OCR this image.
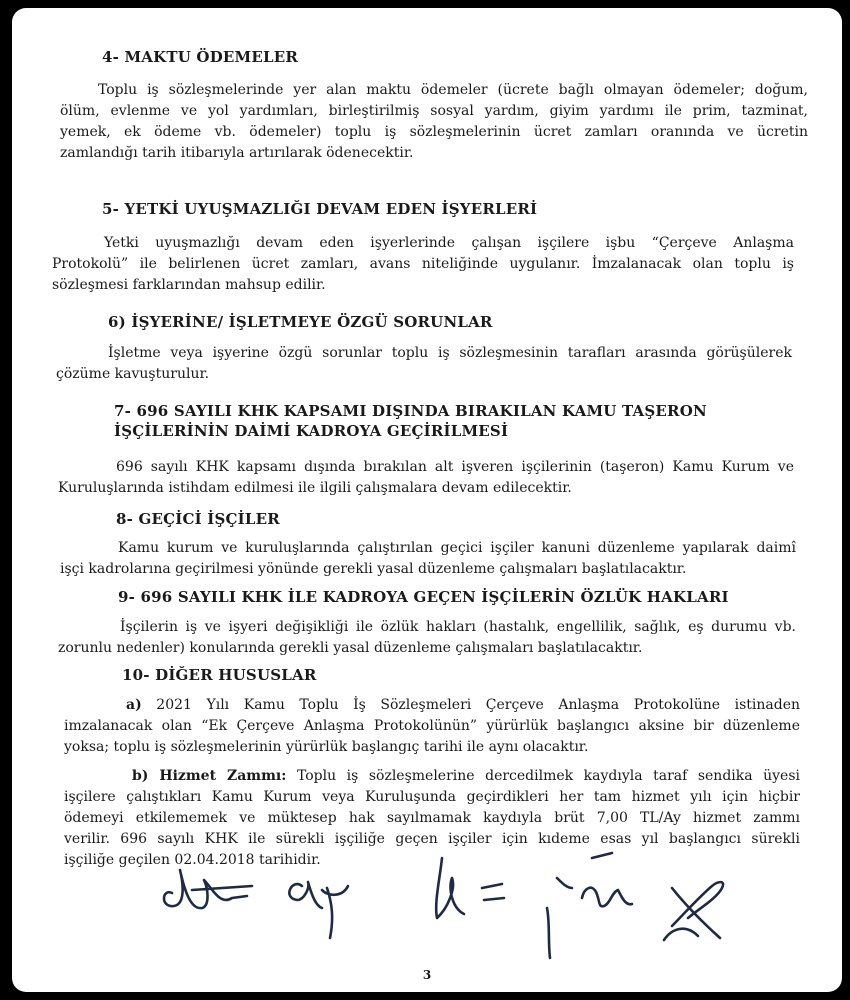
4- MAKTU ÖDEMELER

Toplu iş sözleşmelerinde yer alan maktu ödemeler (ücrete bağlı olmayan ödemeler; doğum,
ölüm, evlenme ve yol yardımları, birleştirilmiş sosyal yardım, giyim yardımı ile prim, tazminat,
yemek, ek ödeme vb. ödemeler) toplu iş sözleşmelerinin ücret zamları oranında ve ücretin
zamlandığı tarih itibarıyla artırılarak ödenecektir.

5- YETKİ UYUŞMAZLIĞI DEVAM EDEN İŞYERLERİ

Yetki uyuşmazlığı devam eden işyerlerinde çalışan işçilere işbu “Çerçeve Anlaşma
Protokolü” ile belirlenen ücret zamları, avans niteliğinde uygulanır. İmzalanacak olan toplu iş
sözleşmesi farklarından mahsup edilir.

6) İŞYERİNE/ İŞLETMEYE ÖZGÜ SORUNLAR

İşletme veya işyerine özgü sorunlar toplu iş sözleşmesinin tarafları arasında görüşülerek
çözüme kavuşturulur.

7- 696 SAYILI KHK KAPSAMI DIŞINDA BIRAKILAN KAMU TAŞERON
İŞÇİLERİNİN DAİMİ KADROYA GEÇİRİLMESİ

696 sayılı KHK kapsamı dışında bırakılan alt işveren işçilerinin (taşeron) Kamu Kurum ve
Kuruluşlarında istihdam edilmesi ile ilgili çalışmalara devam edilecektir.

8- GEÇİCİ İŞÇİLER

Kamu kurum ve kuruluşlarında çalıştırılan geçici işçiler kanuni düzenleme yapılarak daimî
işçi kadrolarına geçirilmesi yönünde gerekli yasal düzenleme çalışmaları başlatılacaktır.

9- 696 SAYILI KHK İLE KADROYA GEÇEN İŞÇİLERİN ÖZLÜK HAKLARI

İşçilerin iş ve işyeri değişikliği ile özlük hakları (hastalık, engellilik, sağlık, eş durumu vb.
zorunlu nedenler) konularında gerekli yasal düzenleme çalışmaları başlatılacaktır.

10- DİĞER HUSUSLAR

a) 2021 Yılı Kamu Toplu İş Sözleşmeleri Çerçeve Anlaşma Protokolüne istinaden
imzalanacak olan “Ek Çerçeve Anlaşma Protokolünün” yürürlük başlangıcı aksine bir düzenleme
yoksa; toplu iş sözleşmelerinin yürürlük başlangıç tarihi ile aynı olacaktır.

b) Hizmet Zammı: Toplu iş sözleşmelerine dercedilmek kaydıyla taraf sendika üyesi
işçilere çalıştıkları Kamu Kurum veya Kuruluşunda geçirdikleri her tam hizmet yılı için hiçbir
ödemeyi etkilememek ve müktesep hak sayılmamak kaydıyla brüt 7,00 TL/Ay hizmet zammı
verilir. 696 sayılı KHK ile sürekli işçiliğe geçen işçiler için kıdeme esas yıl başlangıcı sürekli
işçiliğe geçilen 02.04.2018 tarihidir.

3
